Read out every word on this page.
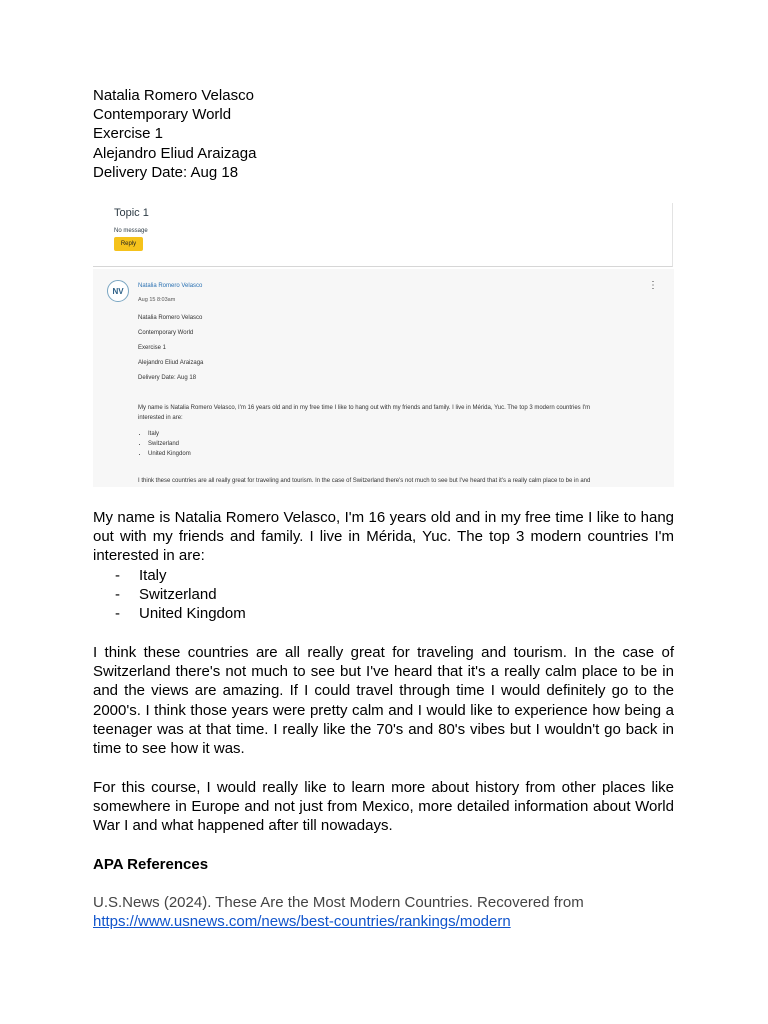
Natalia Romero Velasco
Contemporary World
Exercise 1
Alejandro Eliud Araizaga
Delivery Date: Aug 18
Topic 1
No message
Reply
NV
Natalia Romero Velasco
Aug 15 8:03am
⋮
Natalia Romero Velasco
Contemporary World
Exercise 1
Alejandro Eliud Araizaga
Delivery Date: Aug 18
My name is Natalia Romero Velasco, I'm 16 years old and in my free time I like to hang out with my friends and family. I live in Mérida, Yuc. The top 3 modern countries I'm
interested in are:
• Italy
• Switzerland
• United Kingdom
I think these countries are all really great for traveling and tourism. In the case of Switzerland there's not much to see but I've heard that it's a really calm place to be in and

My name is Natalia Romero Velasco, I'm 16 years old and in my free time I like to hang out with my friends and family. I live in Mérida, Yuc. The top 3 modern countries I'm interested in are:

-	Italy
-	Switzerland
-	United Kingdom

I think these countries are all really great for traveling and tourism. In the case of Switzerland there's not much to see but I've heard that it's a really calm place to be in and the views are amazing. If I could travel through time I would definitely go to the 2000's. I think those years were pretty calm and I would like to experience how being a teenager was at that time. I really like the 70's and 80's vibes but I wouldn't go back in time to see how it was.

For this course, I would really like to learn more about history from other places like somewhere in Europe and not just from Mexico, more detailed information about World War I and what happened after till nowadays.

APA References

U.S.News (2024). These Are the Most Modern Countries. Recovered from
https://www.usnews.com/news/best-countries/rankings/modern
